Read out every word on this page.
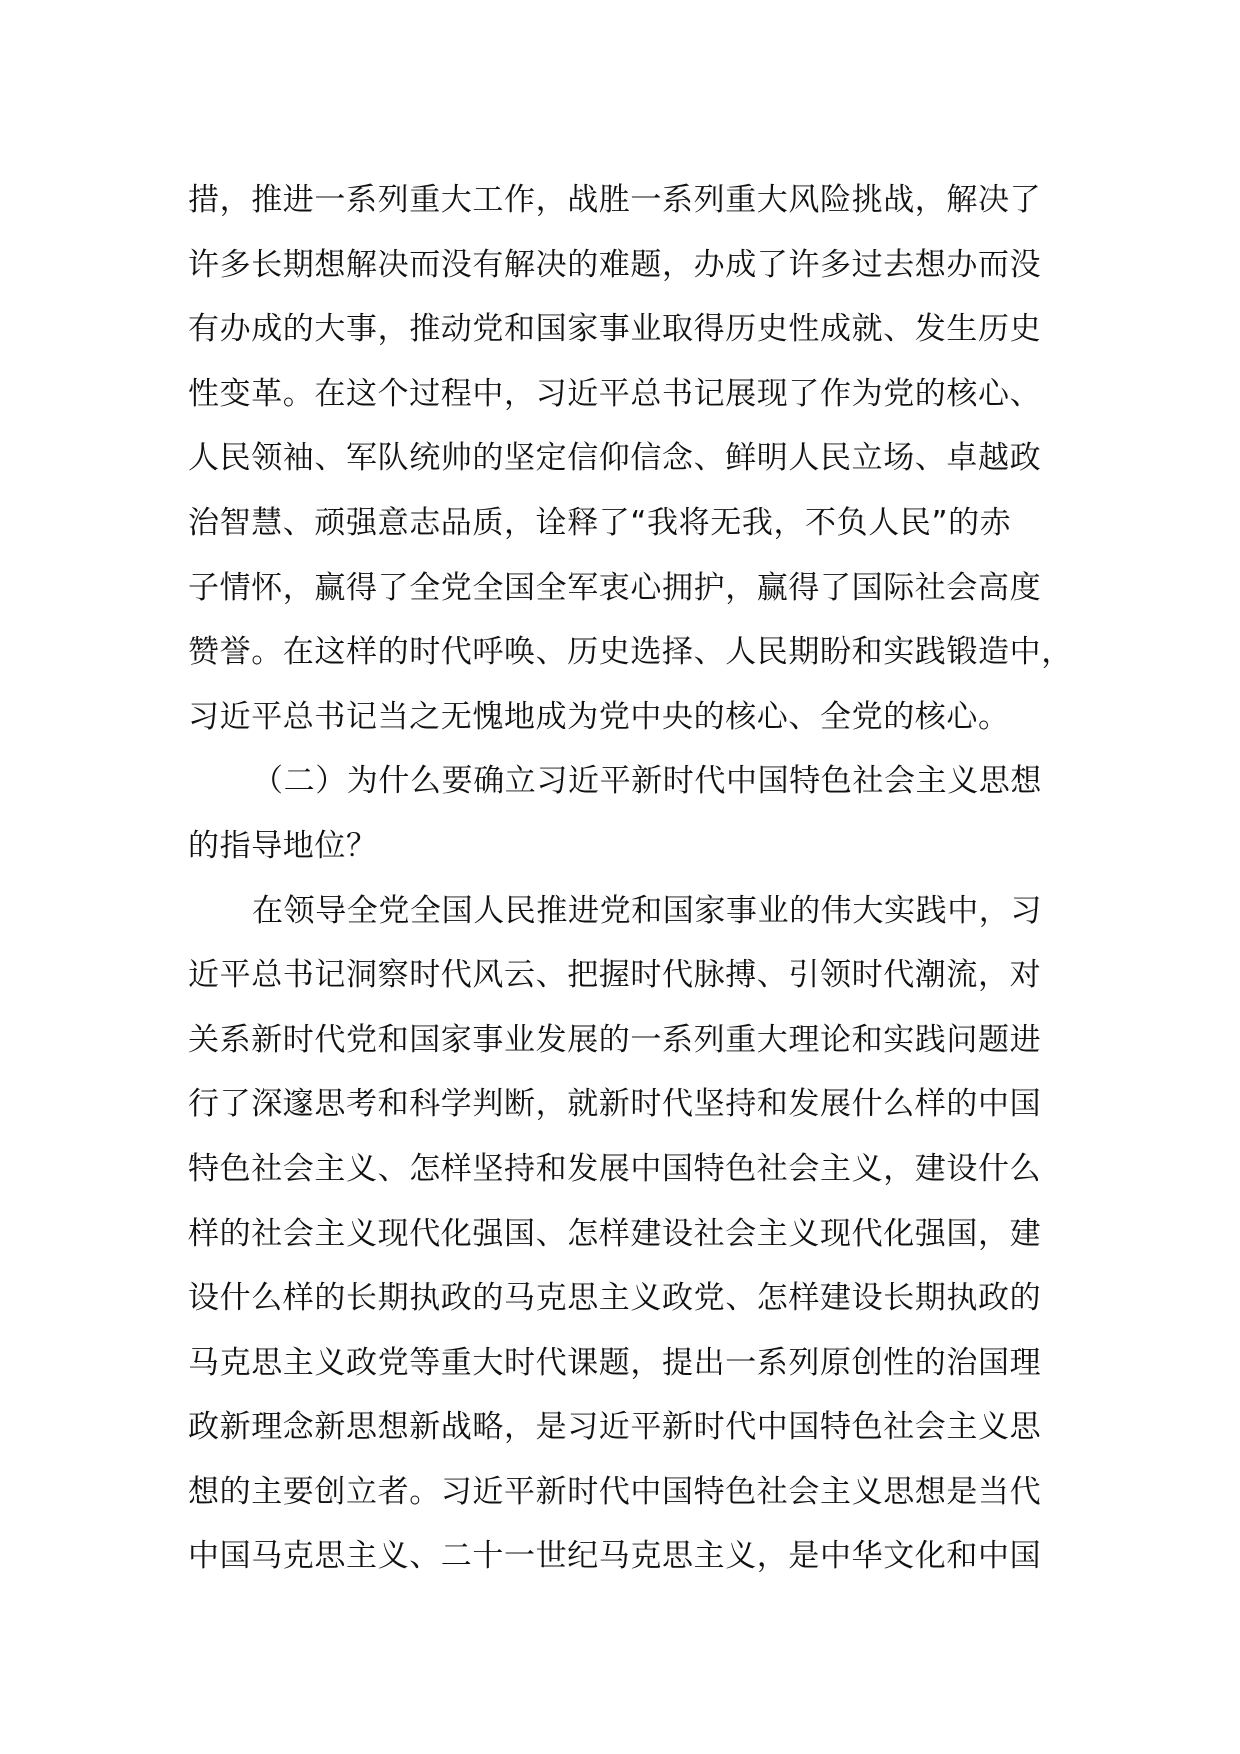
措，推进一系列重大工作，战胜一系列重大风险挑战，解决了
许多长期想解决而没有解决的难题，办成了许多过去想办而没
有办成的大事，推动党和国家事业取得历史性成就、发生历史
性变革。在这个过程中，习近平总书记展现了作为党的核心、
人民领袖、军队统帅的坚定信仰信念、鲜明人民立场、卓越政
治智慧、顽强意志品质，诠释了“我将无我，不负人民”的赤
子情怀，赢得了全党全国全军衷心拥护，赢得了国际社会高度
赞誉。在这样的时代呼唤、历史选择、人民期盼和实践锻造中，
习近平总书记当之无愧地成为党中央的核心、全党的核心。
（二）为什么要确立习近平新时代中国特色社会主义思想
的指导地位？
在领导全党全国人民推进党和国家事业的伟大实践中，习
近平总书记洞察时代风云、把握时代脉搏、引领时代潮流，对
关系新时代党和国家事业发展的一系列重大理论和实践问题进
行了深邃思考和科学判断，就新时代坚持和发展什么样的中国
特色社会主义、怎样坚持和发展中国特色社会主义，建设什么
样的社会主义现代化强国、怎样建设社会主义现代化强国，建
设什么样的长期执政的马克思主义政党、怎样建设长期执政的
马克思主义政党等重大时代课题，提出一系列原创性的治国理
政新理念新思想新战略，是习近平新时代中国特色社会主义思
想的主要创立者。习近平新时代中国特色社会主义思想是当代
中国马克思主义、二十一世纪马克思主义，是中华文化和中国
